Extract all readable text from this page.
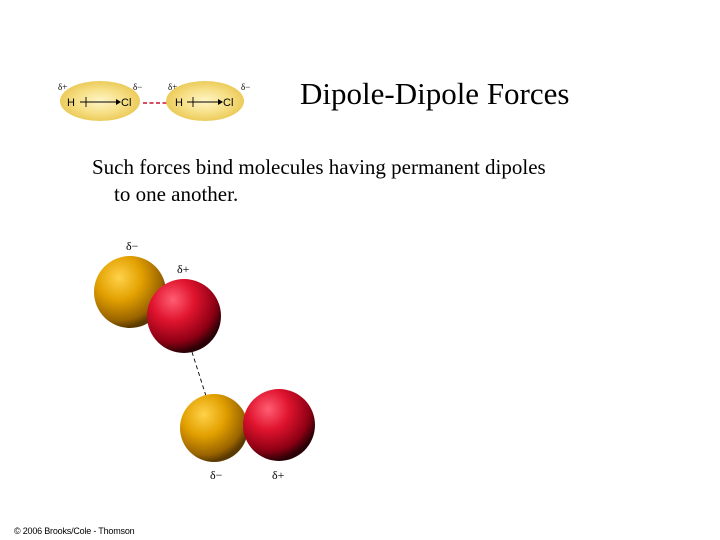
Dipole-Dipole Forces
Such forces bind molecules having permanent dipoles
to one another.
H	Cl
δ+	δ−
H	Cl
δ+	δ−
δ−
δ+
δ−	δ+
© 2006 Brooks/Cole - Thomson
